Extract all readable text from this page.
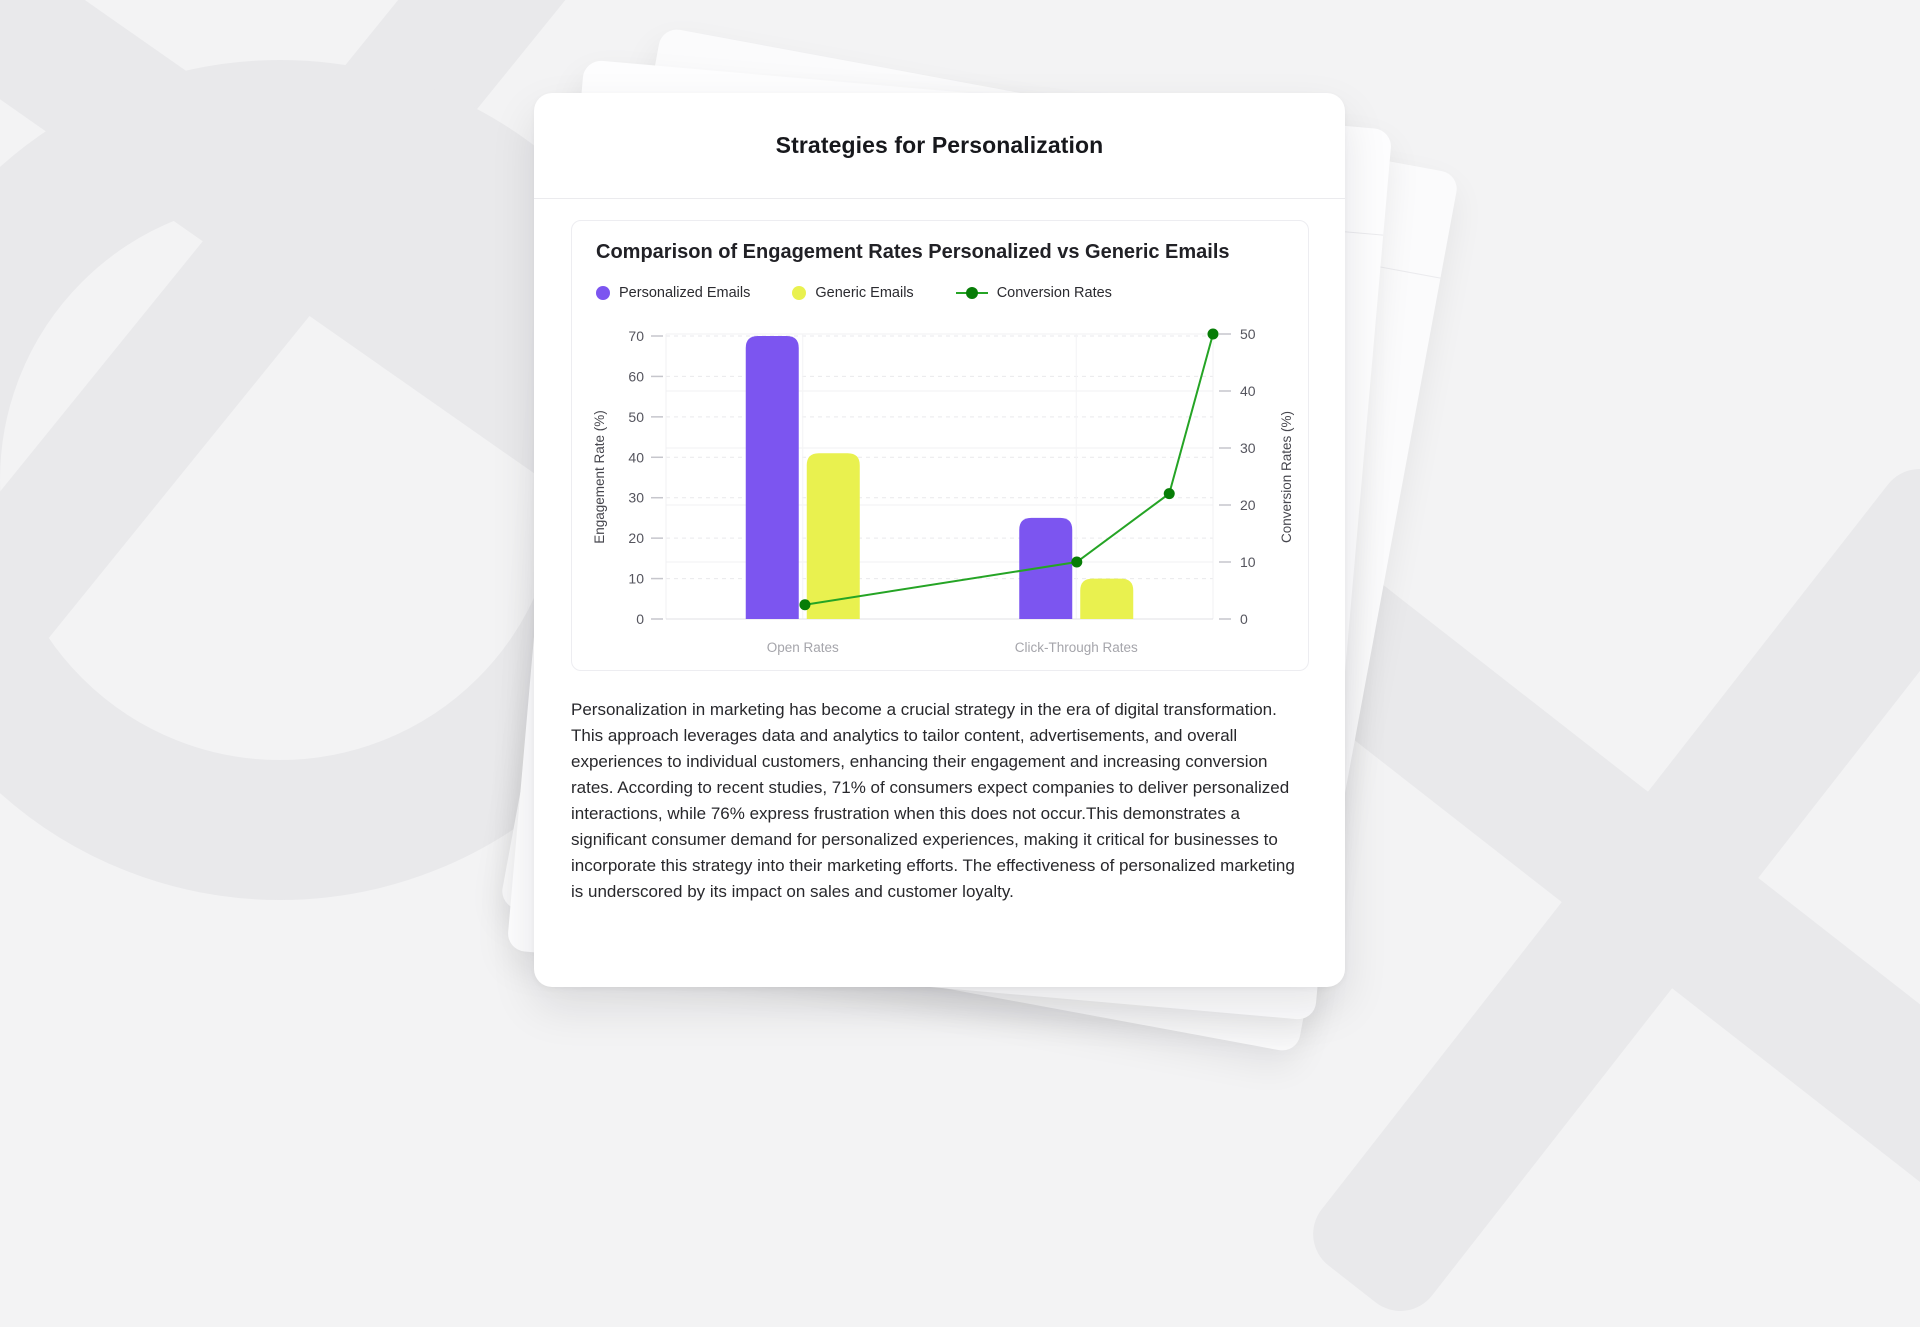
Strategies for Personalization
Comparison of Engagement Rates Personalized vs Generic Emails
Personalized Emails	Generic Emails	Conversion Rates
0
10
20
30
40
50
60
70
0
10
20
30
40
50
Open Rates	Click-Through Rates
Engagement Rate (%)	Conversion Rates (%)
Personalization in marketing has become a crucial strategy in the era of digital transformation. This approach leverages data and analytics to tailor content, advertisements, and overall experiences to individual customers, enhancing their engagement and increasing conversion rates. According to recent studies, 71% of consumers expect companies to deliver personalized interactions, while 76% express frustration when this does not occur.This demonstrates a significant consumer demand for personalized experiences, making it critical for businesses to incorporate this strategy into their marketing efforts. The effectiveness of personalized marketing is underscored by its impact on sales and customer loyalty.
